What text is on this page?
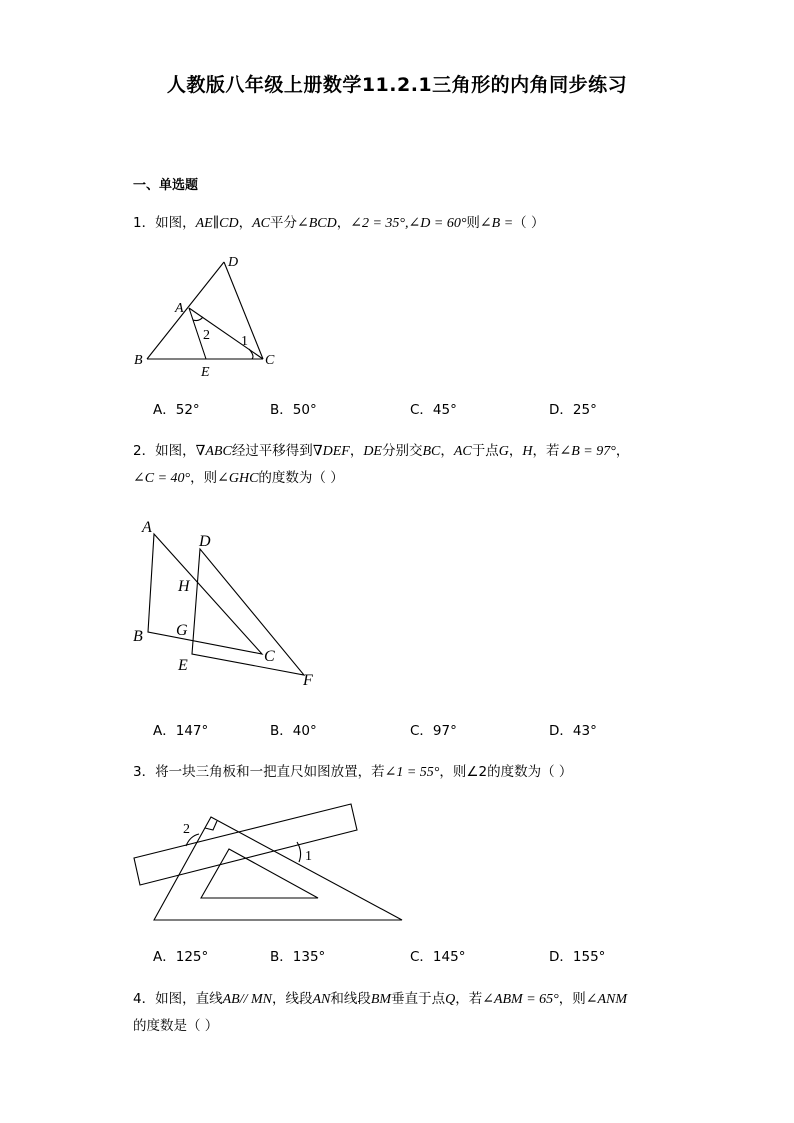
人教版八年级上册数学11.2.1三角形的内角同步练习
一、单选题
1．如图，AE∥CD，AC平分∠BCD，∠2 = 35°,∠D = 60°则∠B =（ ）
D
A
B	C
E
2 1
A．52°	B．50°	C．45°	D．25°
2．如图，∇ABC经过平移得到∇DEF，DE分别交BC，AC于点G，H，若∠B = 97°，
∠C = 40°，则∠GHC的度数为（ ）
A
D
H
B G
C
E
F
A．147°	B．40°	C．97°	D．43°
3．将一块三角板和一把直尺如图放置，若∠1 = 55°，则∠2的度数为（ ）
2
1
A．125°	B．135°	C．145°	D．155°
4．如图，直线AB// MN，线段AN和线段BM垂直于点Q，若∠ABM = 65°，则∠ANM
的度数是（ ）
